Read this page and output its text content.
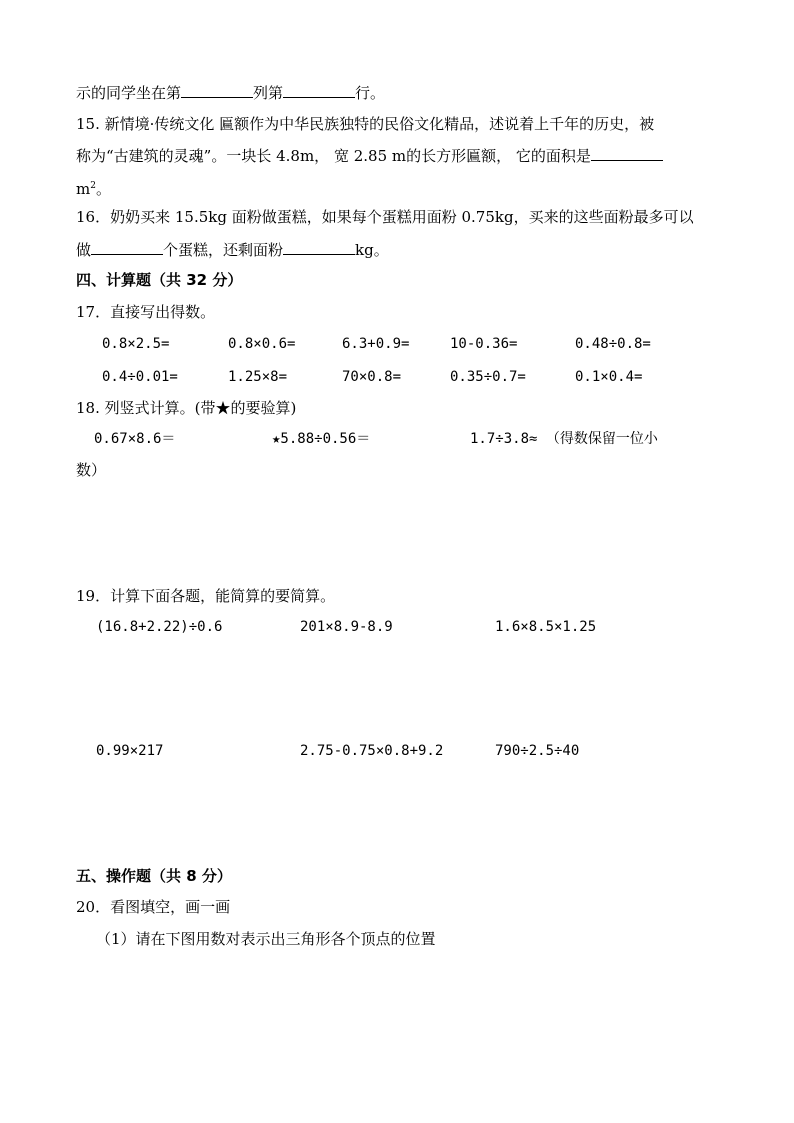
示的同学坐在第	列第	行。
15. 新情境·传统文化 匾额作为中华民族独特的民俗文化精品，述说着上千年的历史，被
称为“古建筑的灵魂”。一块长 4.8m， 宽 2.85 m的长方形匾额， 它的面积是
$m^2$。
16．奶奶买来 15.5kg 面粉做蛋糕，如果每个蛋糕用面粉 0.75kg，买来的这些面粉最多可以
做	个蛋糕，还剩面粉	kg。
四、计算题（共 32 分）
17．直接写出得数。
0.8×2.5=	0.8×0.6=	6.3+0.9=	10-0.36=	0.48÷0.8=
0.4÷0.01=	1.25×8=	70×0.8=	0.35÷0.7=	0.1×0.4=
18. 列竖式计算。(带★的要验算)
0.67×8.6＝	★5.88÷0.56＝	1.7÷3.8≈ （得数保留一位小
数）
19．计算下面各题，能简算的要简算。
(16.8+2.22)÷0.6	201×8.9-8.9	1.6×8.5×1.25
0.99×217	2.75-0.75×0.8+9.2	790÷2.5÷40
五、操作题（共 8 分）
20．看图填空，画一画
（1）请在下图用数对表示出三角形各个顶点的位置
